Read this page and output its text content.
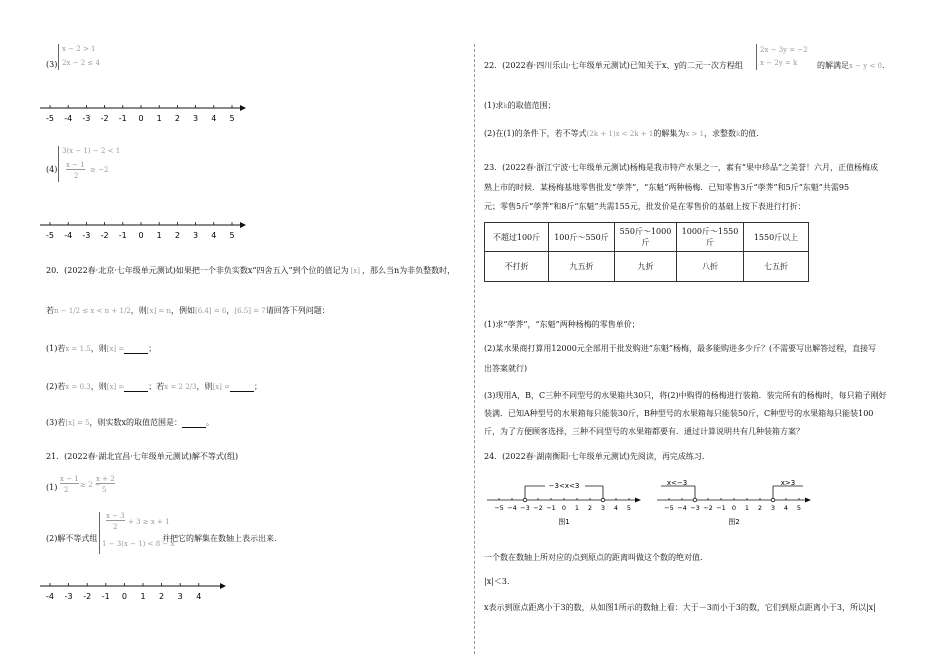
(3)
x − 2 > 1
2x − 2 ≤ 4
-5 -4 -3 -2 -1 0 1 2 3 4 5
(4)
3(x − 1) − 2 < 1
x − 1
2
≥ −2
-5 -4 -3 -2 -1 0 1 2 3 4 5
20．(2022春·北京·七年级单元测试)如果把一个非负实数x“四舍五入”到个位的值记为 [x] ，那么当n为非负整数时，
若n − 1/2 ≤ x < n + 1/2，则[x] = n，例如[6.4] = 6，[6.5] = 7请回答下列问题：
(1)若x = 1.5，则[x] =	；
(2)若x = 0.3，则[x] =	；若x = 2 2/3，则[x] =	；
(3)若[x] = 5，则实数x的取值范围是：	。
21．(2022春·湖北宜昌·七年级单元测试)解不等式(组)
(1)
x − 1
2
≥ 2 −
x + 2
5
(2)解不等式组
x − 3
2
+ 3 ≥ x + 1
1 − 3(x − 1) < 8 − x
并把它的解集在数轴上表示出来.
-4 -3 -2 -1 0 1 2 3 4
22．(2022春·四川乐山·七年级单元测试)已知关于x、y的二元一次方程组
2x − 3y = −2
x − 2y = k 的解满足x − y < 0.
(1)求k的取值范围；
(2)在(1)的条件下，若不等式(2k + 1)x < 2k + 1的解集为x > 1，求整数k的值.
23．(2022春·浙江宁波·七年级单元测试)杨梅是我市特产水果之一，素有“果中珍品”之美誉！六月，正值杨梅成
熟上市的时候．某杨梅基地零售批发“荸荠”，“东魁”两种杨梅．已知零售3斤“荸荠”和5斤“东魁”共需95
元；零售5斤“荸荠”和8斤“东魁”共需155元，批发价是在零售价的基础上按下表进行打折：
不超过100斤	100斤～550斤	550斤～1000斤	1000斤～1550斤	1550斤以上
不打折	九五折	九折	八折	七五折
(1)求“荸荠”，“东魁”两种杨梅的零售单价；
(2)某水果商打算用12000元全部用于批发购进“东魁”杨梅，最多能购进多少斤？(不需要写出解答过程，直接写
出答案就行)
(3)现用A，B，C三种不同型号的水果箱共30只，将(2)中购得的杨梅进行装箱．装完所有的杨梅时，每只箱子刚好
装满．已知A种型号的水果箱每只能装30斤，B种型号的水果箱每只能装50斤，C种型号的水果箱每只能装100
斤，为了方便顾客选择，三种不同型号的水果箱都要有．通过计算说明共有几种装箱方案？
24．(2022春·湖南衡阳·七年级单元测试)先阅读，再完成练习.
−5 −4 −3 −2 −1 0 1 2 3 4 5
−3<x<3
图1
−5 −4 −3 −2 −1 0 1 2 3 4 5
x<−3	x>3
图2
一个数在数轴上所对应的点到原点的距离叫做这个数的绝对值.
|x|＜3.
x表示到原点距离小于3的数，从如图1所示的数轴上看：大于－3而小于3的数，它们到原点距离小于3，所以|x|
